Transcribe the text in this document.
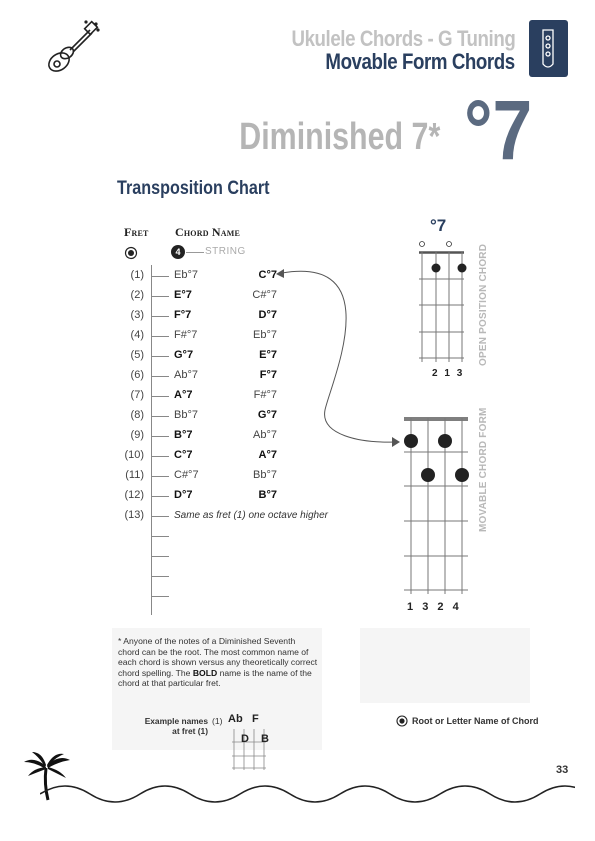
Ukulele Chords - G Tuning
Movable Form Chords
Diminished 7* °7
Transposition Chart
Fret Chord Name
4	STRING
(1)	Eb°7	C°7
(2)	E°7	C#°7
(3)	F°7	D°7
(4)	F#°7	Eb°7
(5)	G°7	E°7
(6)	Ab°7	F°7
(7)	A°7	F#°7
(8)	Bb°7	G°7
(9)	B°7	Ab°7
(10)	C°7	A°7
(11)	C#°7	Bb°7
(12)	D°7	B°7
(13)	Same as fret (1) one octave higher
°7
2 1 3
OPEN POSITION CHORD
1 3 2 4
MOVABLE CHORD FORM
* Anyone of the notes of a Diminished Seventh chord can be the root. The most common name of each chord is shown versus any theoretically correct chord spelling. The BOLD name is the name of the chord at that particular fret.
Example names at fret (1)
(1) Ab F
D B
Root or Letter Name of Chord
33
